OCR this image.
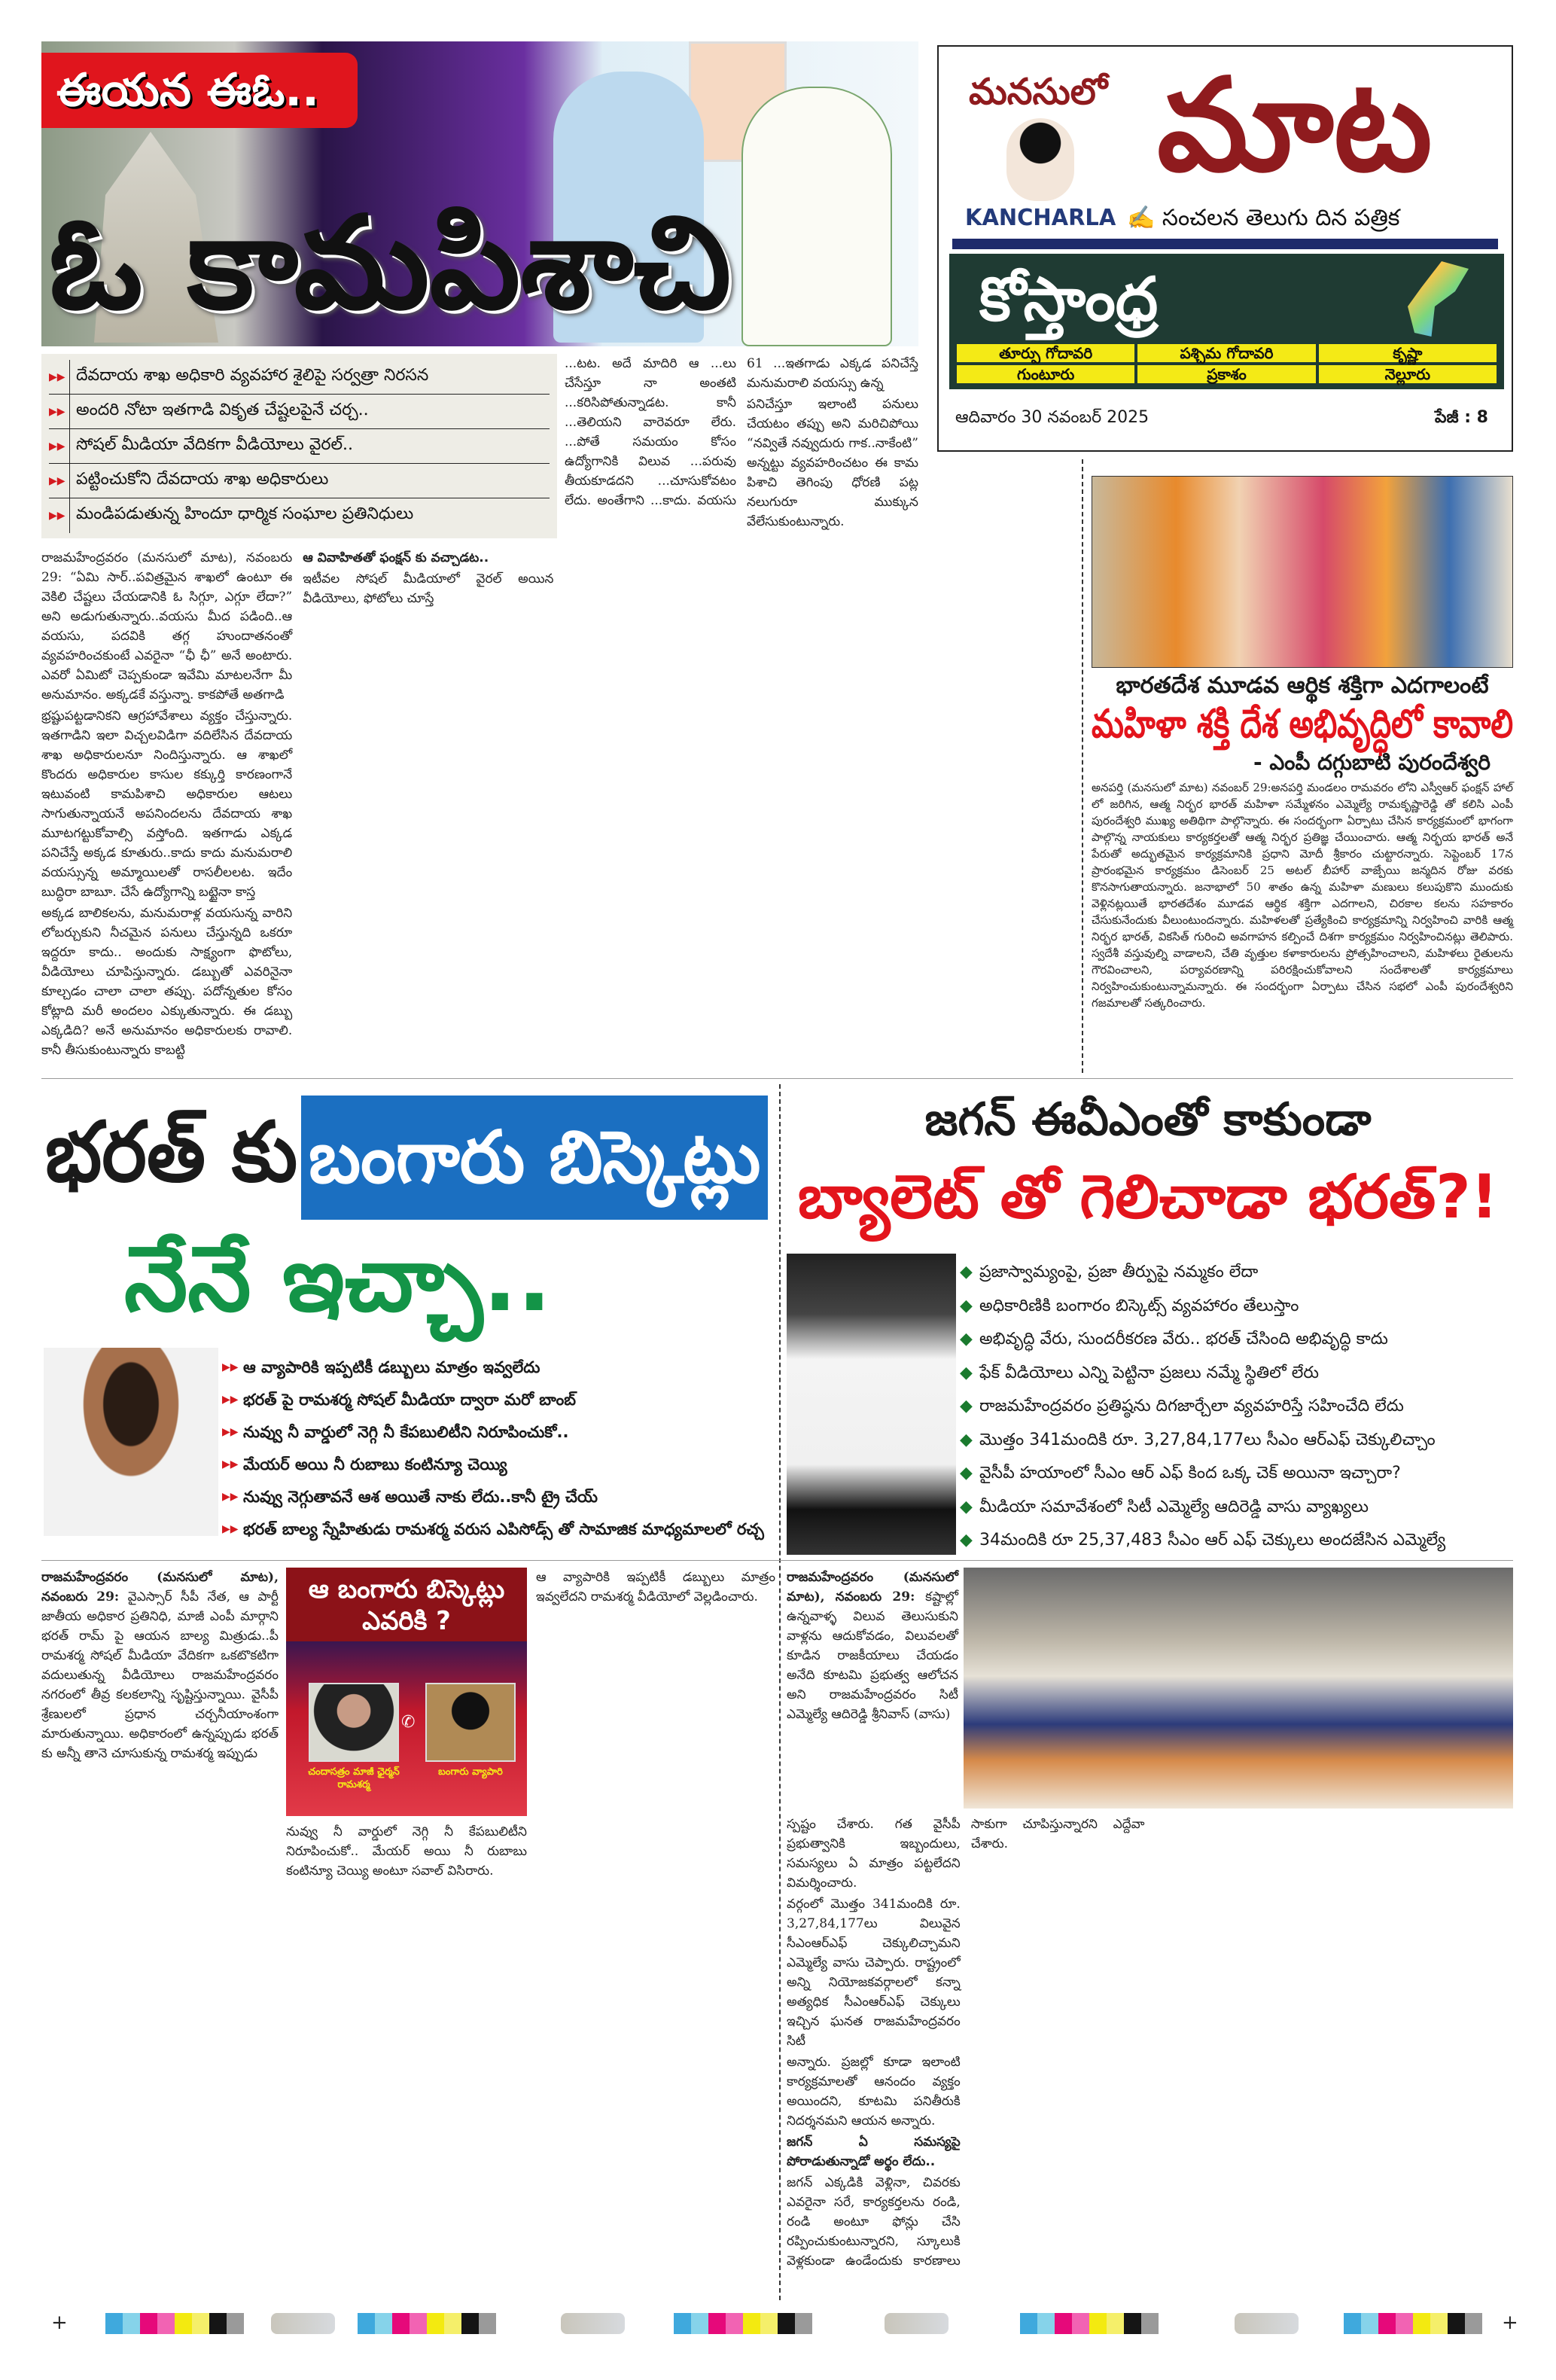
ఈయన ఈఓ..
ఓ కామపిశాచి
మనసులో మాట
KANCHARLA ✍ సంచలన తెలుగు దిన పత్రిక
కోస్తాంధ్ర
తూర్పు గోదావరి	పశ్చిమ గోదావరి	కృష్ణా
గుంటూరు	ప్రకాశం	నెల్లూరు
ఆదివారం 30 నవంబర్ 2025	పేజీ : 8
▶▶ దేవదాయ శాఖ అధికారి వ్యవహార శైలిపై సర్వత్రా నిరసన
▶▶ అందరి నోటా ఇతగాడి వికృత చేష్టలపైనే చర్చ..
▶▶ సోషల్ మీడియా వేదికగా వీడియోలు వైరల్..
▶▶ పట్టించుకోని దేవదాయ శాఖ అధికారులు
▶▶ మండిపడుతున్న హిందూ ధార్మిక సంఘాల ప్రతినిధులు

...టట. అదే మాదిరి ఆ ...లు చేసేస్తూ నా అంతటి ...కరిసిపోతున్నాడట. కానీ ...తెలియని వారెవరూ లేరు. ...పోతే సమయం కోసం ఉద్యోగానికి విలువ ...పరువు తీయకూడదని ...చూసుకోవటం లేదు. అంతేగాని ...కాదు. వయసు 61 ...ఇతగాడు ఎక్కడ పనిచేస్తే మనుమరాలి వయస్సు ఉన్న

పనిచేస్తూ ఇలాంటి పనులు చేయటం తప్పు అని మరిచిపోయి “నవ్వితే నవ్వుదురు గాక..నాకేంటి” అన్నట్టు వ్యవహరించటం ఈ కామ పిశాచి తెగింపు ధోరణి పట్ల నలుగురూ ముక్కున వేలేసుకుంటున్నారు.

రాజమహేంద్రవరం (మనసులో మాట), నవంబరు 29: “ఏమి సార్..పవిత్రమైన శాఖలో ఉంటూ ఈ వెకిలి చేష్టలు చేయడానికి ఓ సిగ్గూ, ఎగ్గూ లేదా?” అని అడుగుతున్నారు..వయసు మీద పడింది..ఆ వయసు, పదవికి తగ్గ హుందాతనంతో వ్యవహరించకుంటే ఎవరైనా “ఛీ ఛీ” అనే అంటారు. ఎవరో ఏమిటో చెప్పకుండా ఇవేమి మాటలనేగా మీ అనుమానం. అక్కడకే వస్తున్నా. కాకపోతే అతగాడి

భ్రష్టుపట్టడానికని ఆగ్రహావేశాలు వ్యక్తం చేస్తున్నారు. ఇతగాడిని ఇలా విచ్చలవిడిగా వదిలేసిన దేవదాయ శాఖ అధికారులనూ నిందిస్తున్నారు. ఆ శాఖలో కొందరు అధికారుల కాసుల కక్కుర్తి కారణంగానే ఇటువంటి కామపిశాచి అధికారుల ఆటలు సాగుతున్నాయనే అపనిందలను దేవదాయ శాఖ మూటగట్టుకోవాల్సి వస్తోంది. ఇతగాడు ఎక్కడ పనిచేస్తే అక్కడ కూతురు..కాదు కాదు మనుమరాలి వయస్సున్న అమ్మాయిలతో రాసలీలలట. ఇదేం బుద్ధిరా బాబూ. చేసే ఉద్యోగాన్ని బట్టైనా కాస్త

అక్కడ బాలికలను, మనుమరాళ్ల వయసున్న వారిని లోబర్చుకుని నీచమైన పనులు చేస్తున్నది ఒకరూ ఇద్దరూ కాదు.. అందుకు సాక్ష్యంగా ఫొటోలు, వీడియోలు చూపిస్తున్నారు. డబ్బుతో ఎవరినైనా కూల్చడం చాలా చాలా తప్పు. పదోన్నతుల కోసం కోట్లాది మరీ అందలం ఎక్కుతున్నారు. ఈ డబ్బు ఎక్కడిది? అనే అనుమానం అధికారులకు రావాలి. కానీ తీసుకుంటున్నారు కాబట్టి

ఆ వివాహితతో ఫంక్షన్ కు వచ్చాడట..

ఇటీవల సోషల్ మీడియాలో వైరల్ అయిన వీడియోలు, ఫోటోలు చూస్తే

భారతదేశ మూడవ ఆర్థిక శక్తిగా ఎదగాలంటే
మహిళా శక్తి దేశ అభివృద్ధిలో కావాలి
- ఎంపీ దగ్గుబాటి పురందేశ్వరి
అనపర్తి (మనసులో మాట) నవంబర్ 29:అనపర్తి మండలం రామవరం లోని ఎస్వీఆర్ ఫంక్షన్ హాల్ లో జరిగిన, ఆత్మ నిర్భర భారత్ మహిళా సమ్మేళనం ఎమ్మెల్యే రామకృష్ణారెడ్డి తో కలిసి ఎంపీ పురందేశ్వరి ముఖ్య అతిథిగా పాల్గొన్నారు. ఈ సందర్భంగా ఏర్పాటు చేసిన కార్యక్రమంలో భాగంగా పాల్గొన్న నాయకులు కార్యకర్తలతో ఆత్మ నిర్భర ప్రతిజ్ఞ చేయించారు. ఆత్మ నిర్భయ భారత్ అనే పేరుతో అద్భుతమైన కార్యక్రమానికి ప్రధాని మోదీ శ్రీకారం చుట్టారన్నారు. సెప్టెంబర్ 17న ప్రారంభమైన కార్యక్రమం డిసెంబర్ 25 అటల్ బీహార్ వాజ్పేయి జన్మదిన రోజు వరకు కొనసాగుతాయన్నారు. జనాభాలో 50 శాతం ఉన్న మహిళా మణులు కలుపుకొని ముందుకు వెళ్లినట్లయితే భారతదేశం మూడవ ఆర్థిక శక్తిగా ఎదగాలని, చిరకాల కలను సహకారం చేసుకునేందుకు వీలుంటుందన్నారు. మహిళలతో ప్రత్యేకించి కార్యక్రమాన్ని నిర్వహించి వారికి ఆత్మ నిర్భర భారత్, వికసిత్ గురించి అవగాహన కల్పించే దిశగా కార్యక్రమం నిర్వహించినట్లు తెలిపారు. స్వదేశీ వస్తువుల్ని వాడాలని, చేతి వృత్తుల కళాకారులను ప్రోత్సహించాలని, మహిళలు రైతులను గౌరవించాలని, పర్యావరణాన్ని పరిరక్షించుకోవాలని సందేశాలతో కార్యక్రమాలు నిర్వహించుకుంటున్నామన్నారు. ఈ సందర్భంగా ఏర్పాటు చేసిన సభలో ఎంపీ పురందేశ్వరిని గజమాలతో సత్కరించారు.
భరత్ కు బంగారు బిస్కెట్లు
నేనే ఇచ్చా..
▶▶ ఆ వ్యాపారికి ఇప్పటికీ డబ్బులు మాత్రం ఇవ్వలేదు
▶▶ భరత్ పై రామశర్మ సోషల్ మీడియా ద్వారా మరో బాంబ్
▶▶ నువ్వు నీ వార్డులో నెగ్గి నీ కేపబులిటీని నిరూపించుకో..
▶▶ మేయర్ అయి నీ రుబాబు కంటిన్యూ చెయ్యి
▶▶ నువ్వు నెగ్గుతావనే ఆశ అయితే నాకు లేదు..కానీ ట్రై చేయ్
▶▶ భరత్ బాల్య స్నేహితుడు రామశర్మ వరుస ఎపిసోడ్స్ తో సామాజిక మాధ్యమాలలో రచ్చ
జగన్ ఈవీఎంతో కాకుండా
బ్యాలెట్ తో గెలిచాడా భరత్?!
◆ ప్రజాస్వామ్యంపై, ప్రజా తీర్పుపై నమ్మకం లేదా
◆ అధికారిణికి బంగారం బిస్కెట్స్ వ్యవహారం తేలుస్తాం
◆ అభివృద్ధి వేరు, సుందరీకరణ వేరు.. భరత్ చేసింది అభివృద్ధి కాదు
◆ ఫేక్ వీడియోలు ఎన్ని పెట్టినా ప్రజలు నమ్మే స్థితిలో లేరు
◆ రాజమహేంద్రవరం ప్రతిష్ఠను దిగజార్చేలా వ్యవహరిస్తే సహించేది లేదు
◆ మొత్తం 341మందికి రూ. 3,27,84,177లు సీఎం ఆర్ఎఫ్ చెక్కులిచ్చాం
◆ వైసీపీ హయాంలో సీఎం ఆర్ ఎఫ్ కింద ఒక్క చెక్ అయినా ఇచ్చారా?
◆ మీడియా సమావేశంలో సిటీ ఎమ్మెల్యే ఆదిరెడ్డి వాసు వ్యాఖ్యలు
◆ 34మందికి రూ 25,37,483 సీఎం ఆర్ ఎఫ్ చెక్కులు అందజేసిన ఎమ్మెల్యే

రాజమహేంద్రవరం (మనసులో మాట), నవంబరు 29: వైఎస్సార్ సీపీ నేత, ఆ పార్టీ జాతీయ అధికార ప్రతినిధి, మాజీ ఎంపీ మార్గాని భరత్ రామ్ పై ఆయన బాల్య మిత్రుడు..పీ రామశర్మ సోషల్ మీడియా వేదికగా ఒకటొకటిగా వదులుతున్న వీడియోలు రాజమహేంద్రవరం నగరంలో తీవ్ర కలకలాన్ని సృష్టిస్తున్నాయి. వైసీపీ శ్రేణులలో ప్రధాన చర్చనీయాంశంగా మారుతున్నాయి. అధికారంలో ఉన్నప్పుడు భరత్ కు అన్నీ తానె చూసుకున్న రామశర్మ ఇప్పుడు

ఆ బంగారు బిస్కెట్లు ఎవరికి ?
✆
చందాసత్రం మాజీ ఛైర్మన్ రామశర్మ
బంగారు వ్యాపారి

నువ్వు నీ వార్డులో నెగ్గి నీ కేపబులిటీని నిరూపించుకో.. మేయర్ అయి నీ రుబాబు కంటిన్యూ చెయ్యి అంటూ సవాల్ విసిరారు.

ఆ వ్యాపారికి ఇప్పటికీ డబ్బులు మాత్రం ఇవ్వలేదని రామశర్మ వీడియోలో వెల్లడించారు.

రాజమహేంద్రవరం (మనసులో మాట), నవంబరు 29: కష్టాల్లో ఉన్నవాళ్ళ విలువ తెలుసుకుని వాళ్లను ఆదుకోవడం, విలువలతో కూడిన రాజకీయాలు చేయడం అనేది కూటమి ప్రభుత్వ ఆలోచన అని రాజమహేంద్రవరం సిటీ ఎమ్మెల్యే ఆదిరెడ్డి శ్రీనివాస్ (వాసు)

స్పష్టం చేశారు. గత వైసీపీ ప్రభుత్వానికి ఇబ్బందులు, సమస్యలు ఏ మాత్రం పట్టలేదని విమర్శించారు.

వర్గంలో మొత్తం 341మందికి రూ. 3,27,84,177లు విలువైన సీఎంఆర్ఎఫ్ చెక్కులిచ్చామని ఎమ్మెల్యే వాసు చెప్పారు. రాష్ట్రంలో అన్ని నియోజకవర్గాలలో కన్నా అత్యధిక సీఎంఆర్ఎఫ్ చెక్కులు ఇచ్చిన ఘనత రాజమహేంద్రవరం సిటీ

అన్నారు. ప్రజల్లో కూడా ఇలాంటి కార్యక్రమాలతో ఆనందం వ్యక్తం అయిందని, కూటమి పనితీరుకి నిదర్శనమని ఆయన అన్నారు.

జగన్ ఏ సమస్యపై పోరాడుతున్నాడో అర్థం లేదు..

జగన్ ఎక్కడికి వెళ్లినా, చివరకు ఎవరైనా సరే, కార్యకర్తలను రండి, రండి అంటూ ఫోన్లు చేసి రప్పించుకుంటున్నారని, స్కూలుకి వెళ్లకుండా ఉండేందుకు కారణాలు సాకుగా చూపిస్తున్నారని ఎద్దేవా చేశారు.

+	+
